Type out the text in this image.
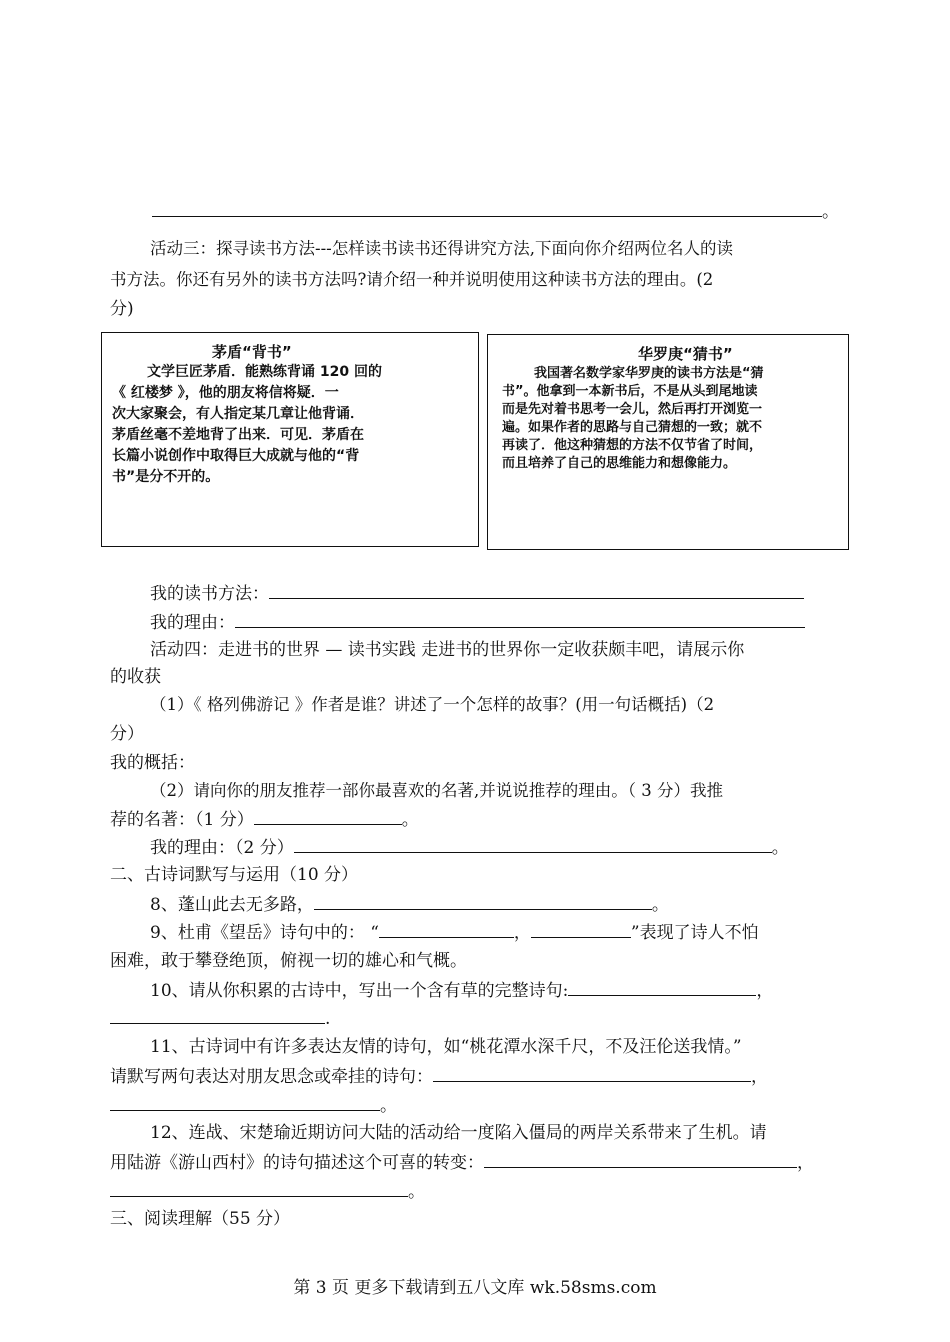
。
活动三：探寻读书方法---怎样读书读书还得讲究方法,下面向你介绍两位名人的读
书方法。你还有另外的读书方法吗?请介绍一种并说明使用这种读书方法的理由。(2
分)
茅盾“背书”
文学巨匠茅盾．能熟练背诵 120 回的
《 红楼梦 》，他的朋友将信将疑．一
次大家聚会，有人指定某几章让他背诵．
茅盾丝毫不差地背了出来．可见．茅盾在
长篇小说创作中取得巨大成就与他的“背
书”是分不开的。
华罗庚“猜书”
我国著名数学家华罗庚的读书方法是“猜
书”。他拿到一本新书后，不是从头到尾地读
而是先对着书思考一会儿，然后再打开浏览一
遍。如果作者的思路与自己猜想的一致；就不
再读了．他这种猜想的方法不仅节省了时间，
而且培养了自己的思维能力和想像能力。
我的读书方法：
我的理由：
活动四：走进书的世界 — 读书实践 走进书的世界你一定收获颇丰吧，请展示你
的收获
（1）《 格列佛游记 》作者是谁？讲述了一个怎样的故事？(用一句话概括)（2
分）
我的概括：
（2）请向你的朋友推荐一部你最喜欢的名著,并说说推荐的理由。（ 3 分）我推
荐的名著：（1 分）	。
我的理由：（2 分）	。
二、古诗词默写与运用（10 分）
8、蓬山此去无多路，	。
9、杜甫《望岳》诗句中的： “	，	”表现了诗人不怕
困难，敢于攀登绝顶，俯视一切的雄心和气概。
10、请从你积累的古诗中，写出一个含有草的完整诗句:	，
.
11、古诗词中有许多表达友情的诗句，如“桃花潭水深千尺，不及汪伦送我情。”
请默写两句表达对朋友思念或牵挂的诗句：	，
。
12、连战、宋楚瑜近期访问大陆的活动给一度陷入僵局的两岸关系带来了生机。请
用陆游《游山西村》的诗句描述这个可喜的转变：	，
。
三、阅读理解（55 分）
第 3 页 更多下载请到五八文库 wk.58sms.com
